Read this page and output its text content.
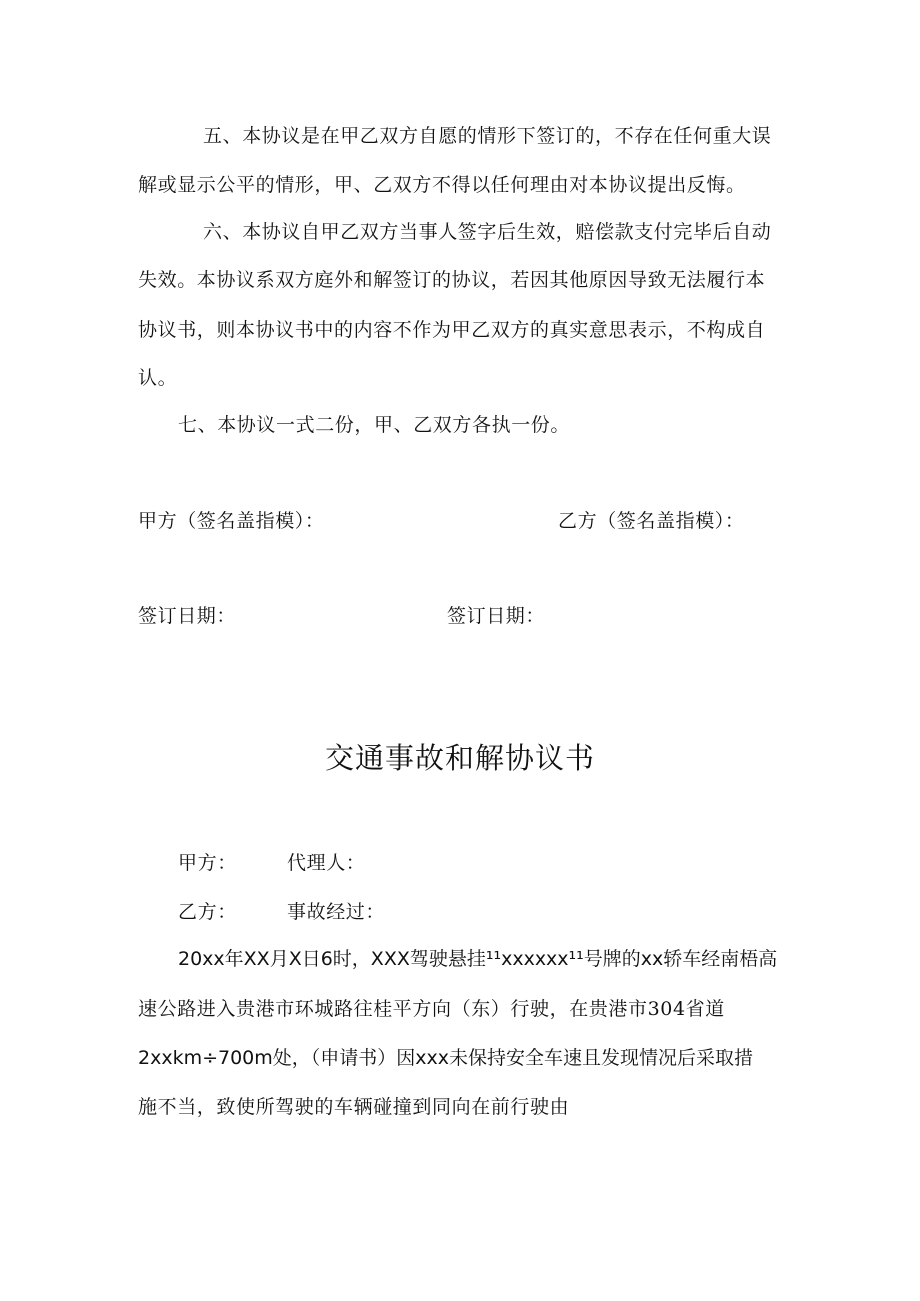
五、本协议是在甲乙双方自愿的情形下签订的，不存在任何重大误
解或显示公平的情形，甲、乙双方不得以任何理由对本协议提出反悔。
六、本协议自甲乙双方当事人签字后生效，赔偿款支付完毕后自动
失效。本协议系双方庭外和解签订的协议，若因其他原因导致无法履行本
协议书，则本协议书中的内容不作为甲乙双方的真实意思表示，不构成自
认。
七、本协议一式二份，甲、乙双方各执一份。
甲方（签名盖指模）：	乙方（签名盖指模）：
签订日期：	签订日期：
交通事故和解协议书
甲方：	代理人：
乙方：	事故经过：
20xx年XX月X日6时，XXX驾驶悬挂¹¹xxxxxx¹¹号牌的xx轿车经南梧高
速公路进入贵港市环城路往桂平方向（东）行驶，在贵港市304省道
2xxkm÷700m处，（申请书）因xxx未保持安全车速且发现情况后采取措
施不当，致使所驾驶的车辆碰撞到同向在前行驶由
